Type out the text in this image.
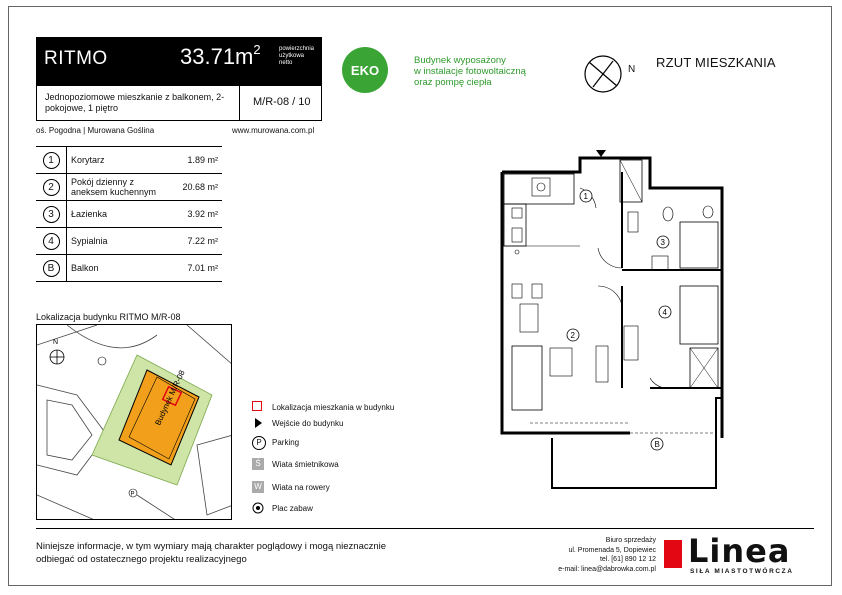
RITMO	$33.71m^2$	powierzchnia użytkowa netto
Jednopoziomowe mieszkanie z balkonem, 2-pokojowe, 1 piętro	M/R-08 / 10
oś. Pogodna | Murowana Goślina	www.murowana.com.pl
EKO
Budynek wyposażony
w instalacje fotowoltaiczną
oraz pompę ciepła
N RZUT MIESZKANIA
1	Korytarz	1.89 m²
2	Pokój dzienny z aneksem kuchennym	20.68 m²
3	Łazienka	3.92 m²
4	Sypialnia	7.22 m²
B	Balkon	7.01 m²
Lokalizacja budynku RITMO M/R-08
Budynek M/R-08
N
P
Lokalizacja mieszkania w budynku
Wejście do budynku
P	Parking
Ś	Wiata śmietnikowa
W Wiata na rowery
Plac zabaw
1
2
3
4
B
Niniejsze informacje, w tym wymiary mają charakter poglądowy i mogą nieznacznie
odbiegać od ostatecznego projektu realizacyjnego
Biuro sprzedaży
ul. Promenada 5, Dopiewiec
tel. [61] 890 12 12
e-mail: linea@dabrowka.com.pl Linea
SIŁA MIASTOTWÓRCZA
